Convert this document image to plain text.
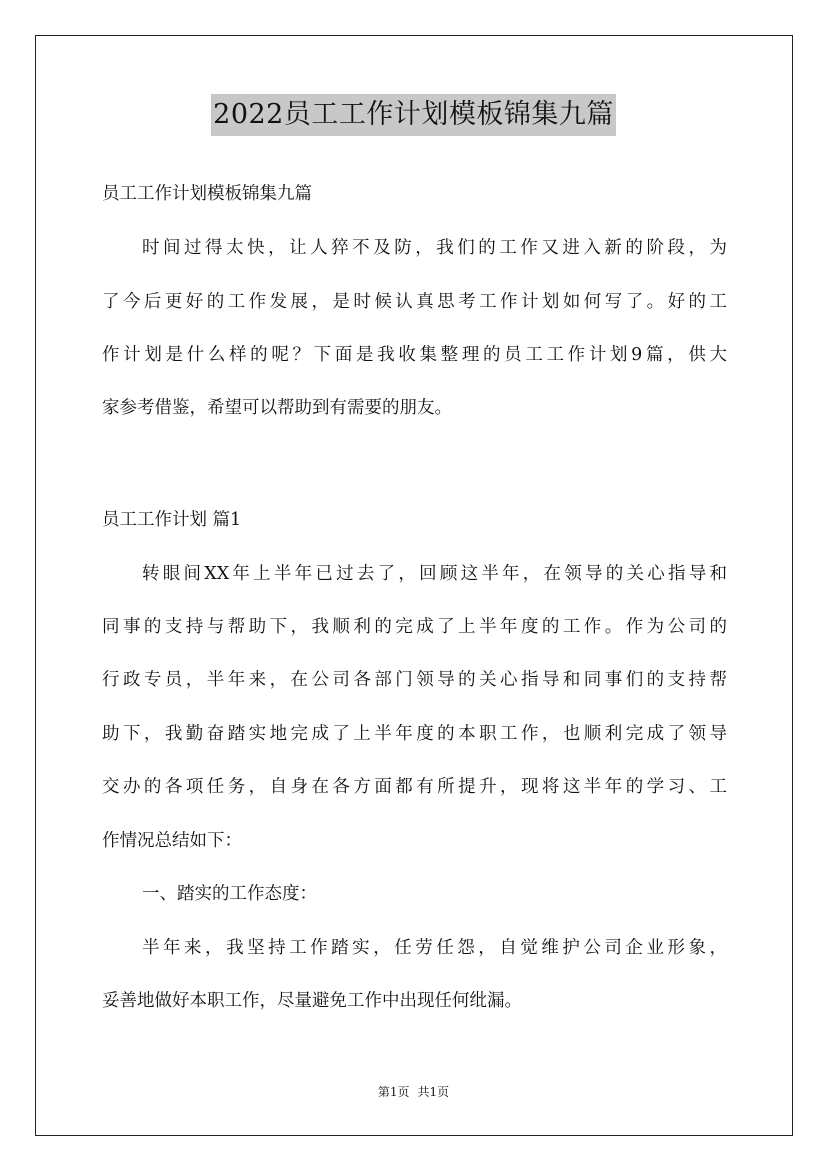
2022员工工作计划模板锦集九篇
员工工作计划模板锦集九篇
时间过得太快，让人猝不及防，我们的工作又进入新的阶段，为
了今后更好的工作发展，是时候认真思考工作计划如何写了。好的工
作计划是什么样的呢？下面是我收集整理的员工工作计划9篇，供大
家参考借鉴，希望可以帮助到有需要的朋友。
员工工作计划 篇1
转眼间XX年上半年已过去了，回顾这半年，在领导的关心指导和
同事的支持与帮助下，我顺利的完成了上半年度的工作。作为公司的
行政专员，半年来，在公司各部门领导的关心指导和同事们的支持帮
助下，我勤奋踏实地完成了上半年度的本职工作，也顺利完成了领导
交办的各项任务，自身在各方面都有所提升，现将这半年的学习、工
作情况总结如下：
一、踏实的工作态度：
半年来，我坚持工作踏实，任劳任怨，自觉维护公司企业形象，
妥善地做好本职工作，尽量避免工作中出现任何纰漏。
第1页 共1页
